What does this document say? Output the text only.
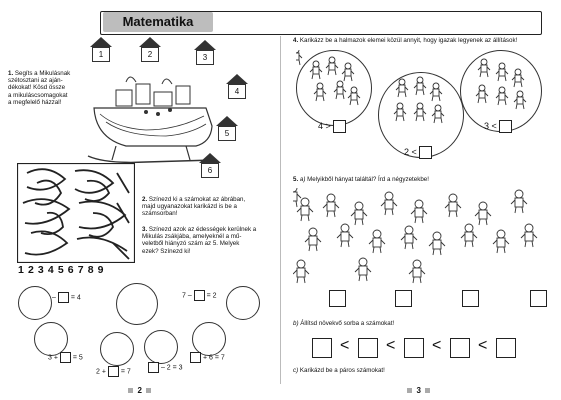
Matematika
1	2	3
4
5
6
1. Segíts a Mikulásnak
szétosztani az aján-
dékokat! Kösd össze
a mikuláscsomagokat
a megfelelő házzal!
1 2 3 4 5 6 7 8 9
2. Színezd ki a számokat az ábrában,
majd ugyanazokat karikázd is be a
számsorban!
3. Színezd azok az édességek kerülnek a
Mikulás zsákjába, amelyeknél a mű-
veletből hiányzó szám az 5. Melyek
ezek? Színezd ki!
– = 4	7 – = 2
3 + = 5
2 + = 7
– 2 = 3
+ 6 = 7
2
4. Karikázz be a halmazok elemei közül annyit, hogy igazak legyenek az állítások!
4 >
2 <
3 <
5. a) Melyikből hányat találtál? Írd a négyzetekbe!
b) Állítsd növekvő sorba a számokat!
< < < <
c) Karikázd be a páros számokat!
3
